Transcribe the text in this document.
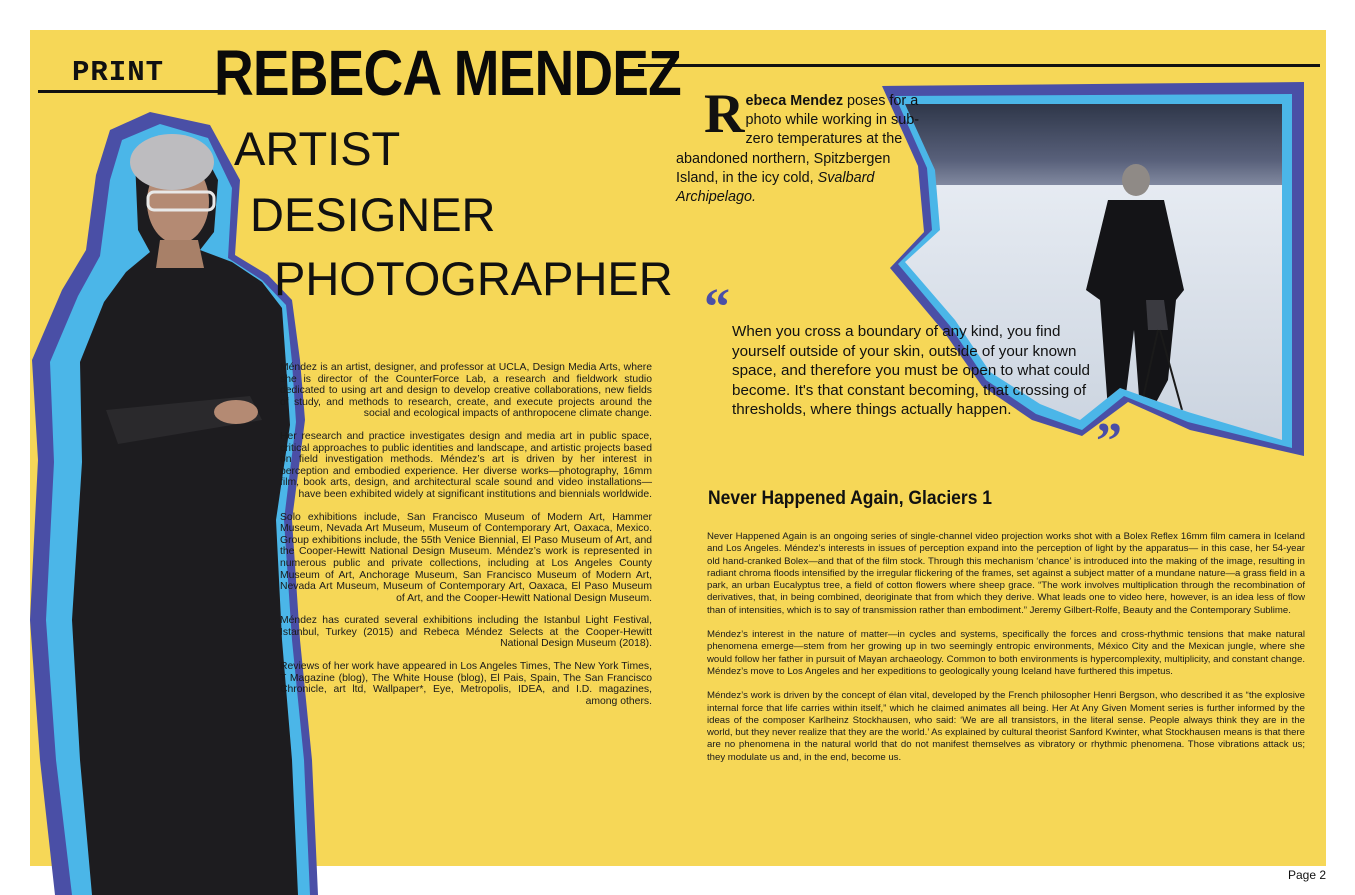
PRINT REBECA MENDEZ
ARTIST
DESIGNER
PHOTOGRAPHER

Méndez is an artist, designer, and professor at UCLA, Design Media Arts, where she is director of the CounterForce Lab, a research and fieldwork studio dedicated to using art and design to develop creative collaborations, new fields of study, and methods to research, create, and execute projects around the social and ecological impacts of anthropocene climate change.

Her research and practice investigates design and media art in public space, critical approaches to public identities and landscape, and artistic projects based on field investigation methods. Méndez’s art is driven by her interest in perception and embodied experience. Her diverse works—photography, 16mm film, book arts, design, and architectural scale sound and video installations—have been exhibited widely at significant institutions and biennials worldwide.

Solo exhibitions include, San Francisco Museum of Modern Art, Hammer Museum, Nevada Art Museum, Museum of Contemporary Art, Oaxaca, Mexico. Group exhibitions include, the 55th Venice Biennial, El Paso Museum of Art, and the Cooper-Hewitt National Design Museum. Méndez’s work is represented in numerous public and private collections, including at Los Angeles County Museum of Art, Anchorage Museum, San Francisco Museum of Modern Art, Nevada Art Museum, Museum of Contemporary Art, Oaxaca, El Paso Museum of Art, and the Cooper-Hewitt National Design Museum.

Méndez has curated several exhibitions including the Istanbul Light Festival, Istanbul, Turkey (2015) and Rebeca Méndez Selects at the Cooper-Hewitt National Design Museum (2018).

Reviews of her work have appeared in Los Angeles Times, The New York Times, T Magazine (blog), The White House (blog), El Pais, Spain, The San Francisco Chronicle, art ltd, Wallpaper*, Eye, Metropolis, IDEA, and I.D. magazines, among others.

Rebeca Mendez poses for a photo while working in sub-zero temperatures at the abandoned northern, Spitzbergen Island, in the icy cold, Svalbard Archipelago.
“ When you cross a boundary of any kind, you find yourself outside of your skin, outside of your known space, and therefore you must be open to what could become. It's that constant becoming, that crossing of thresholds, where things actually happen.
”
Never Happened Again, Glaciers 1

Never Happened Again is an ongoing series of single-channel video projection works shot with a Bolex Reflex 16mm film camera in Iceland and Los Angeles. Méndez’s interests in issues of perception expand into the perception of light by the apparatus— in this case, her 54-year old hand-cranked Bolex—and that of the film stock. Through this mechanism ‘chance’ is introduced into the making of the image, resulting in radiant chroma floods intensified by the irregular flickering of the frames, set against a subject matter of a mundane nature—a grass field in a park, an urban Eucalyptus tree, a field of cotton flowers where sheep grace. “The work involves multiplication through the recombination of derivatives, that, in being combined, deoriginate that from which they derive. What leads one to video here, however, is an idea less of flow than of intensities, which is to say of transmission rather than embodiment.” Jeremy Gilbert-Rolfe, Beauty and the Contemporary Sublime.

Méndez’s interest in the nature of matter—in cycles and systems, specifically the forces and cross-rhythmic tensions that make natural phenomena emerge—stem from her growing up in two seemingly entropic environments, México City and the Mexican jungle, where she would follow her father in pursuit of Mayan archaeology. Common to both environments is hypercomplexity, multiplicity, and constant change. Méndez’s move to Los Angeles and her expeditions to geologically young Iceland have furthered this impetus.

Méndez’s work is driven by the concept of élan vital, developed by the French philosopher Henri Bergson, who described it as “the explosive internal force that life carries within itself,” which he claimed animates all being. Her At Any Given Moment series is further informed by the ideas of the composer Karlheinz Stockhausen, who said: ‘We are all transistors, in the literal sense. People always think they are in the world, but they never realize that they are the world.’ As explained by cultural theorist Sanford Kwinter, what Stockhausen means is that there are no phenomena in the natural world that do not manifest themselves as vibratory or rhythmic phenomena. Those vibrations attack us; they modulate us and, in the end, become us.

Page 2
